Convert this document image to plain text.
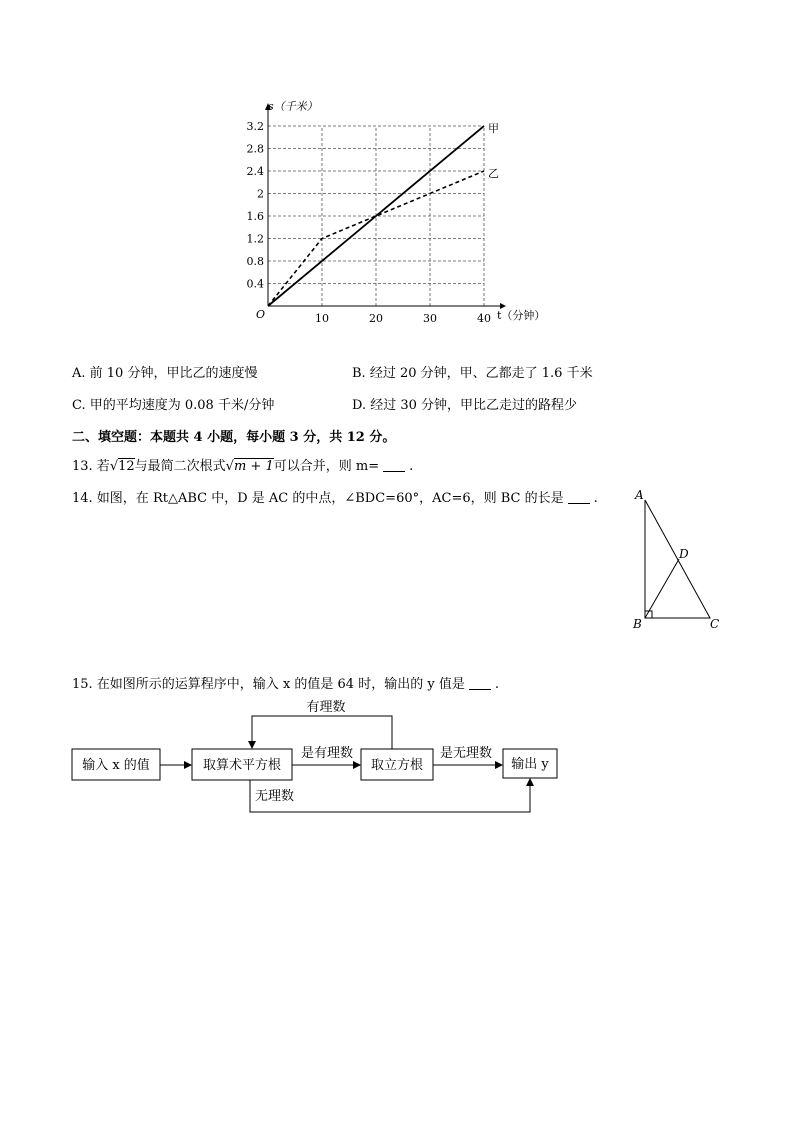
0.4
0.8
1.2
1.6
2
2.4
2.8
3.2
10	20	30	40
s（千米）
t（分钟）
O
甲
乙
A. 前 10 分钟，甲比乙的速度慢	B. 经过 20 分钟，甲、乙都走了 1.6 千米
C. 甲的平均速度为 0.08 千米/分钟	D. 经过 30 分钟，甲比乙走过的路程少
二、填空题：本题共 4 小题，每小题 3 分，共 12 分。
13. 若√12与最简二次根式√m + 1可以合并，则 m= .
14. 如图，在 Rt△ABC 中，D 是 AC 的中点，∠BDC=60°，AC=6，则 BC 的长是 .	A
B	C
D
15. 在如图所示的运算程序中，输入 x 的值是 64 时，输出的 y 值是 .
输入 x 的值	取算术平方根	取立方根	输出 y
有理数
是有理数	是无理数
无理数
